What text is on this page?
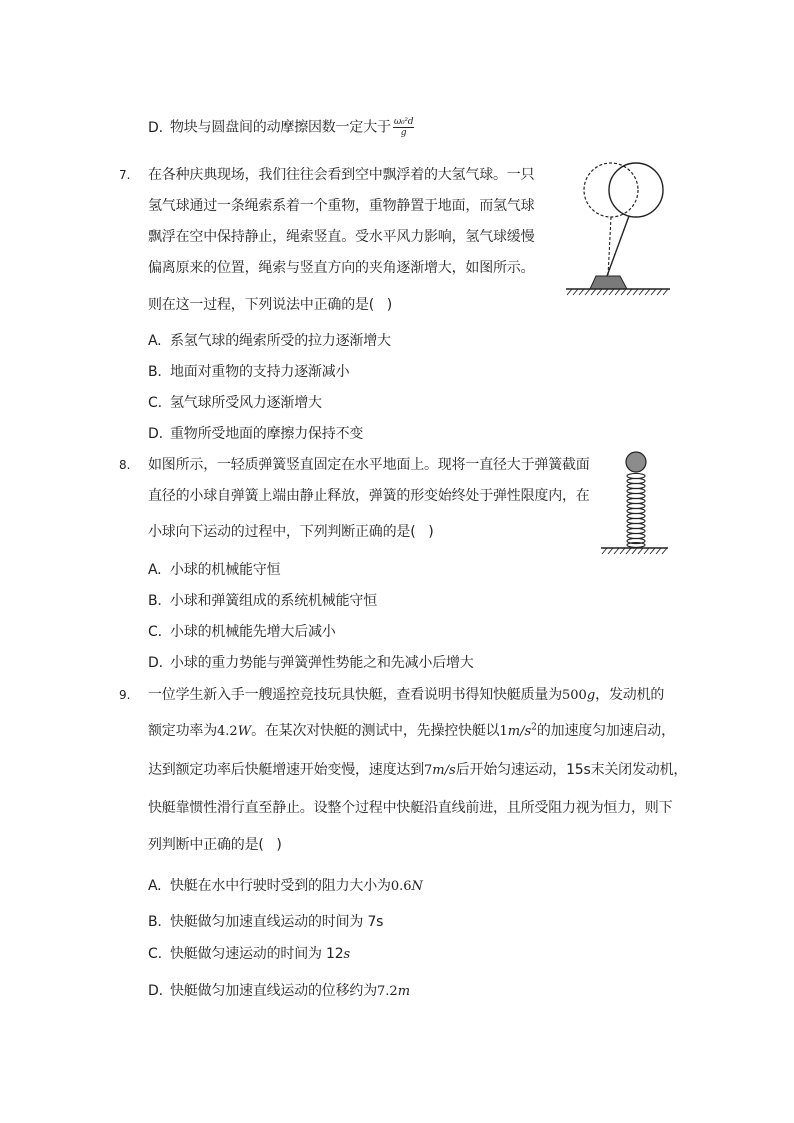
D. 物块与圆盘间的动摩擦因数一定大于 $\frac{\text{ω₀²d}}{g}$
7. 在各种庆典现场，我们往往会看到空中飘浮着的大氢气球。一只
氢气球通过一条绳索系着一个重物，重物静置于地面，而氢气球
飘浮在空中保持静止，绳索竖直。受水平风力影响，氢气球缓慢
偏离原来的位置，绳索与竖直方向的夹角逐渐增大，如图所示。
则在这一过程，下列说法中正确的是(   )
A. 系氢气球的绳索所受的拉力逐渐增大
B. 地面对重物的支持力逐渐减小
C. 氢气球所受风力逐渐增大
D. 重物所受地面的摩擦力保持不变
8. 如图所示，一轻质弹簧竖直固定在水平地面上。现将一直径大于弹簧截面
直径的小球自弹簧上端由静止释放，弹簧的形变始终处于弹性限度内，在
小球向下运动的过程中，下列判断正确的是(   )
A. 小球的机械能守恒
B. 小球和弹簧组成的系统机械能守恒
C. 小球的机械能先增大后减小
D. 小球的重力势能与弹簧弹性势能之和先减小后增大
9. 一位学生新入手一艘遥控竞技玩具快艇，查看说明书得知快艇质量为500g，发动机的
额定功率为4.2W。在某次对快艇的测试中，先操控快艇以$1m/s^2$的加速度匀加速启动，
达到额定功率后快艇增速开始变慢，速度达到7m/s后开始匀速运动，15s末关闭发动机，
快艇靠惯性滑行直至静止。设整个过程中快艇沿直线前进，且所受阻力视为恒力，则下
列判断中正确的是(   )
A. 快艇在水中行驶时受到的阻力大小为0.6N
B. 快艇做匀加速直线运动的时间为 7s
C. 快艇做匀速运动的时间为 12s
D. 快艇做匀加速直线运动的位移约为7.2m
